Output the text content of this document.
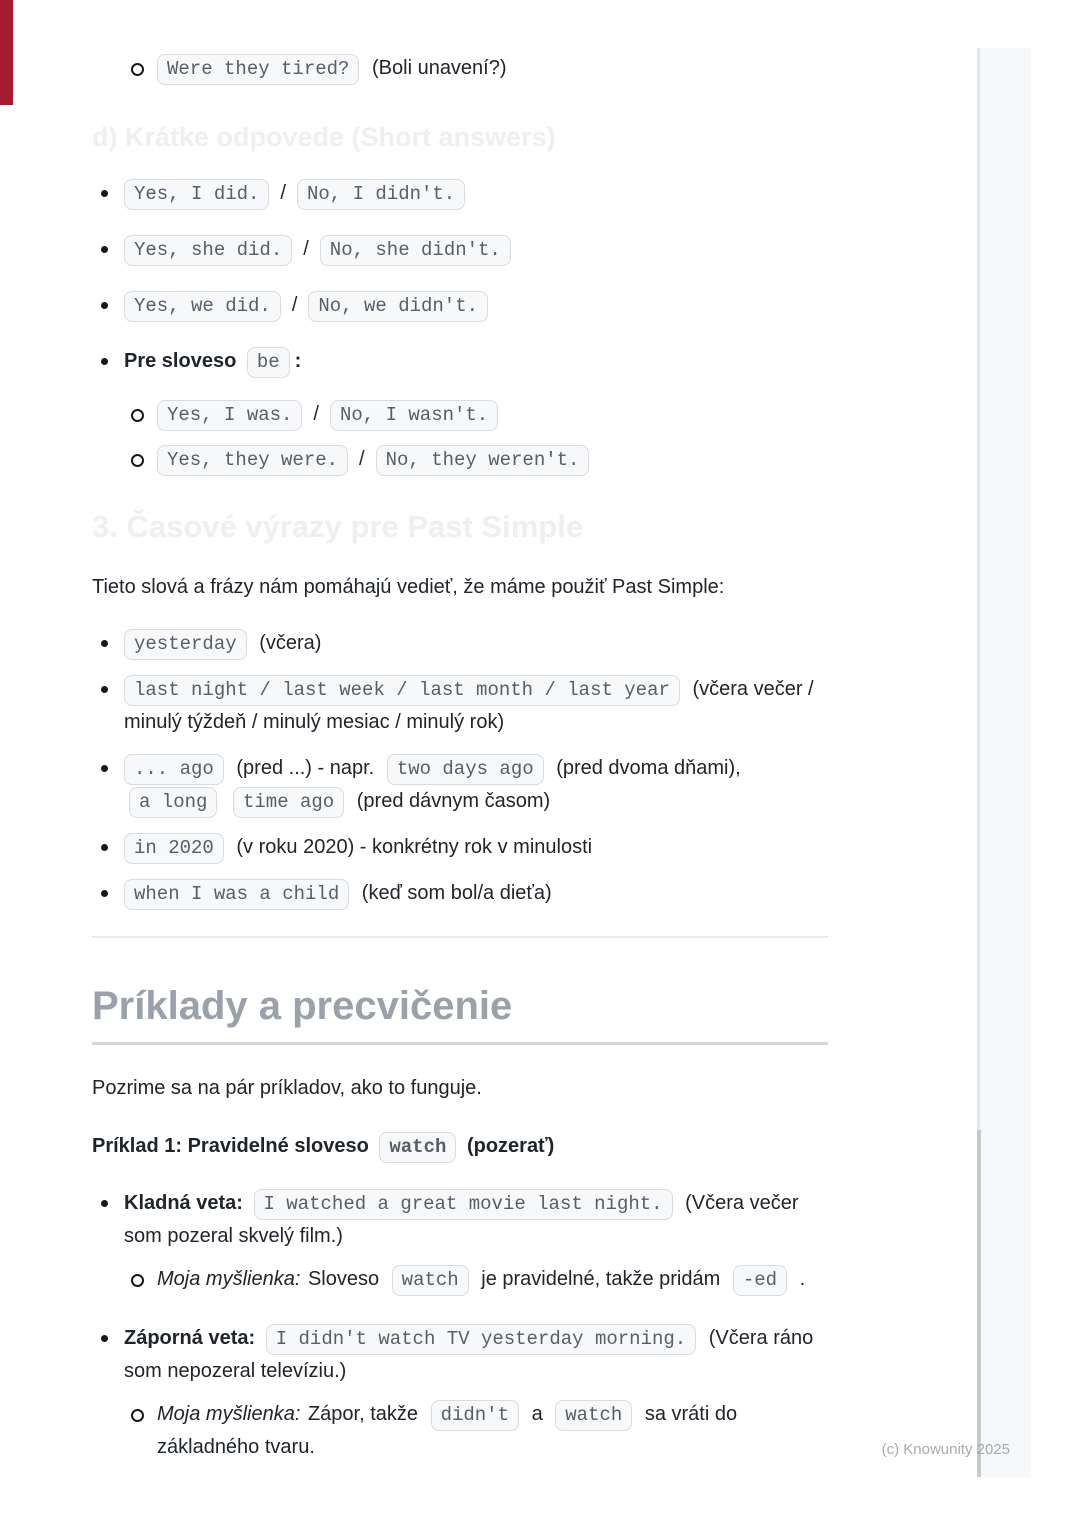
Were they tired? (Boli unavení?)
d) Krátke odpovede (Short answers)
Yes, I did. / No, I didn't.
Yes, she did. / No, she didn't.
Yes, we did. / No, we didn't.
Pre sloveso be :
Yes, I was. / No, I wasn't.
Yes, they were. / No, they weren't.
3. Časové výrazy pre Past Simple

Tieto slová a frázy nám pomáhajú vedieť, že máme použiť Past Simple:

yesterday (včera)
last night / last week / last month / last year (včera večer / minulý týždeň / minulý mesiac / minulý rok)
... ago (pred ...) - napr. two days ago (pred dvoma dňami), a long time ago (pred dávnym časom)
in 2020 (v roku 2020) - konkrétny rok v minulosti
when I was a child (keď som bol/a dieťa)
Príklady a precvičenie

Pozrime sa na pár príkladov, ako to funguje.

Príklad 1: Pravidelné sloveso watch (pozerať)

Kladná veta: I watched a great movie last night. (Včera večer som pozeral skvelý film.)
Moja myšlienka: Sloveso watch je pravidelné, takže pridám -ed .
Záporná veta: I didn't watch TV yesterday morning. (Včera ráno som nepozeral televíziu.)
Moja myšlienka: Zápor, takže didn't a watch sa vráti do základného tvaru.	(c) Knowunity 2025
